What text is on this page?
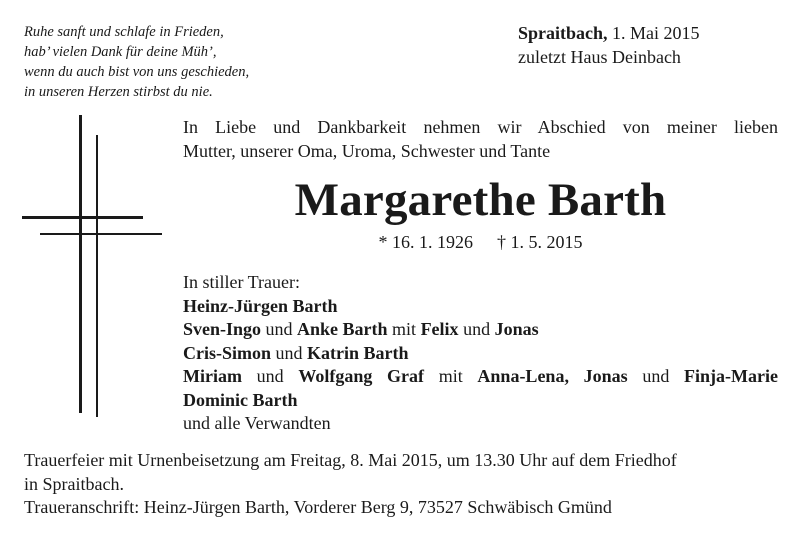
Ruhe sanft und schlafe in Frieden,
hab’ vielen Dank für deine Müh’,
wenn du auch bist von uns geschieden,
in unseren Herzen stirbst du nie.
Spraitbach, 1. Mai 2015
zuletzt Haus Deinbach
In Liebe und Dankbarkeit nehmen wir Abschied von meiner lieben
Mutter, unserer Oma, Uroma, Schwester und Tante
Margarethe Barth
* 16. 1. 1926 † 1. 5. 2015
In stiller Trauer:
Heinz-Jürgen Barth
Sven-Ingo und Anke Barth mit Felix und Jonas
Cris-Simon und Katrin Barth
Miriam und Wolfgang Graf mit Anna-Lena, Jonas und Finja-Marie
Dominic Barth
und alle Verwandten
Trauerfeier mit Urnenbeisetzung am Freitag, 8. Mai 2015, um 13.30 Uhr auf dem Friedhof
in Spraitbach.
Traueranschrift: Heinz-Jürgen Barth, Vorderer Berg 9, 73527 Schwäbisch Gmünd
